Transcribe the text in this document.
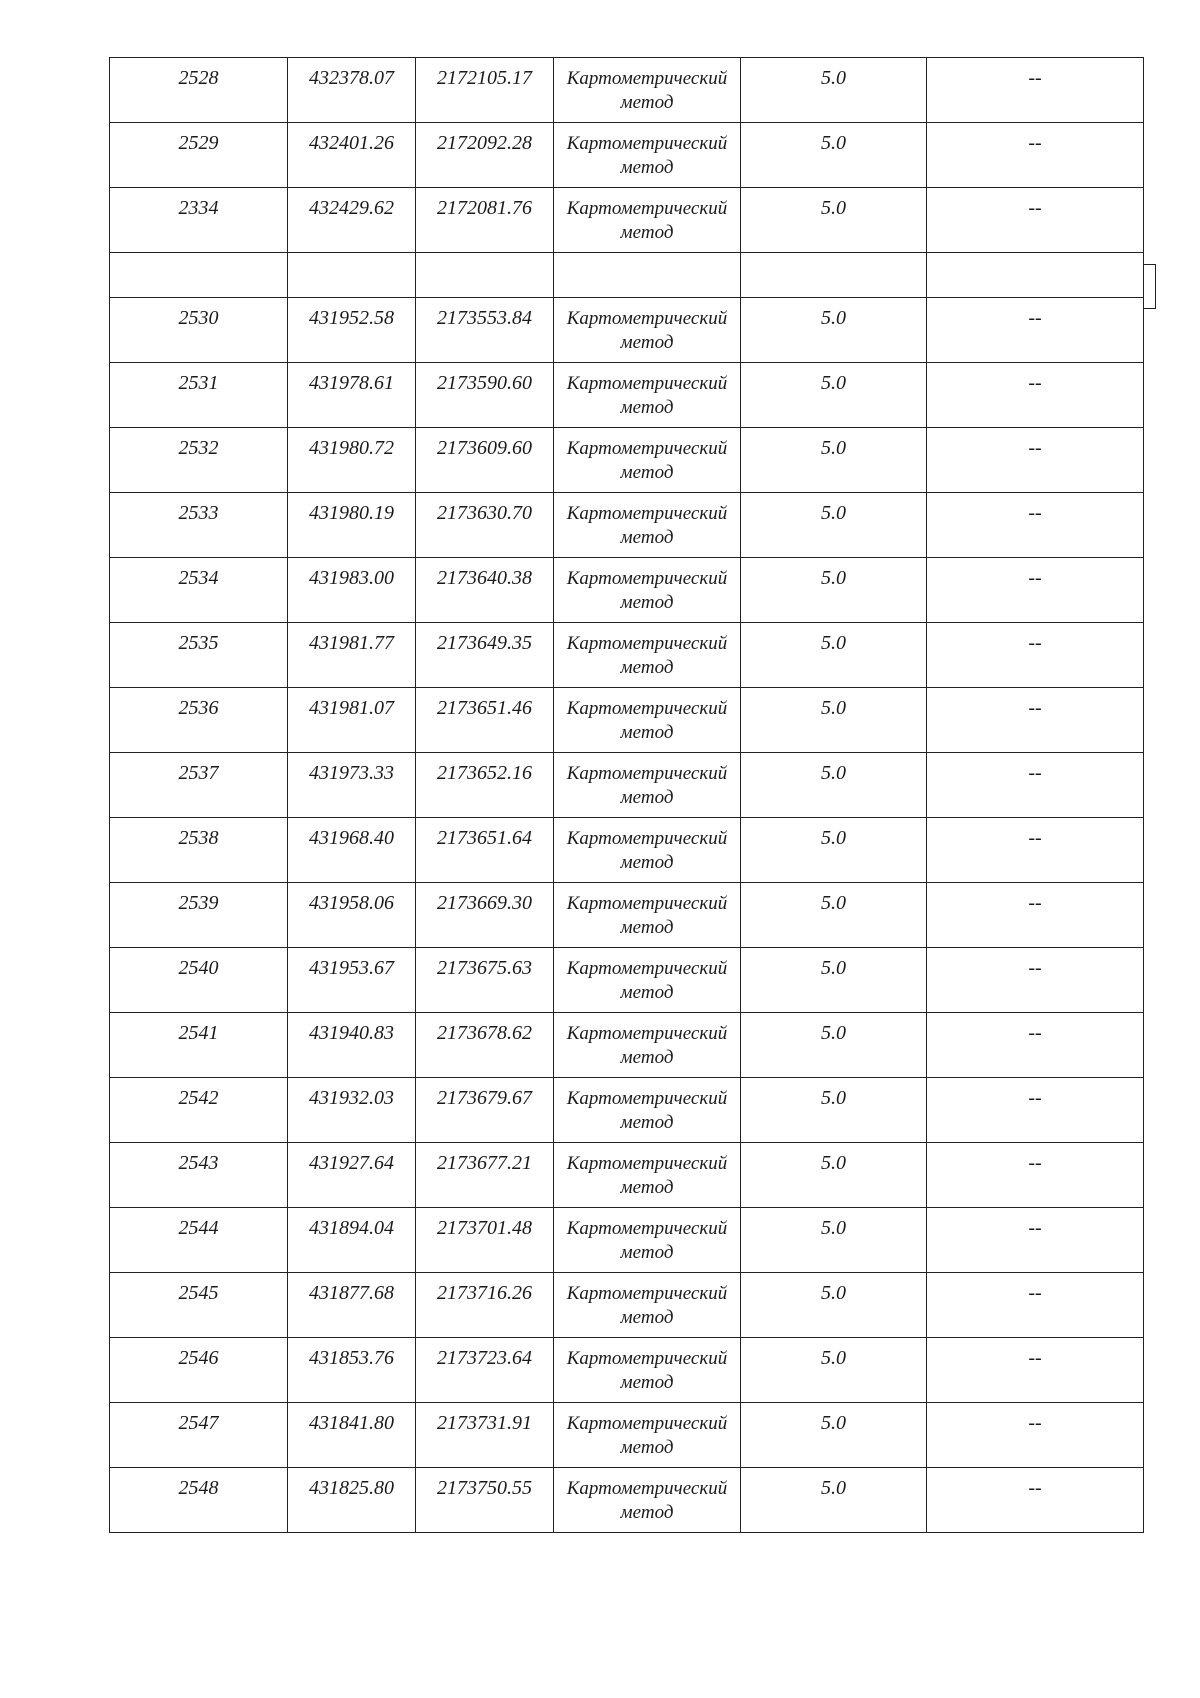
2528	432378.07	2172105.17	Картометрический
метод	5.0	--

2529	432401.26	2172092.28	Картометрический
метод	5.0	--

2334	432429.62	2172081.76	Картометрический
метод	5.0	--

2530	431952.58	2173553.84	Картометрический
метод	5.0	--

2531	431978.61	2173590.60	Картометрический
метод	5.0	--

2532	431980.72	2173609.60	Картометрический
метод	5.0	--

2533	431980.19	2173630.70	Картометрический
метод	5.0	--

2534	431983.00	2173640.38	Картометрический
метод	5.0	--

2535	431981.77	2173649.35	Картометрический
метод	5.0	--

2536	431981.07	2173651.46	Картометрический
метод	5.0	--

2537	431973.33	2173652.16	Картометрический
метод	5.0	--

2538	431968.40	2173651.64	Картометрический
метод	5.0	--

2539	431958.06	2173669.30	Картометрический
метод	5.0	--

2540	431953.67	2173675.63	Картометрический
метод	5.0	--

2541	431940.83	2173678.62	Картометрический
метод	5.0	--

2542	431932.03	2173679.67	Картометрический
метод	5.0	--

2543	431927.64	2173677.21	Картометрический
метод	5.0	--

2544	431894.04	2173701.48	Картометрический
метод	5.0	--

2545	431877.68	2173716.26	Картометрический
метод	5.0	--

2546	431853.76	2173723.64	Картометрический
метод	5.0	--

2547	431841.80	2173731.91	Картометрический
метод	5.0	--

2548	431825.80	2173750.55	Картометрический
метод	5.0	--
